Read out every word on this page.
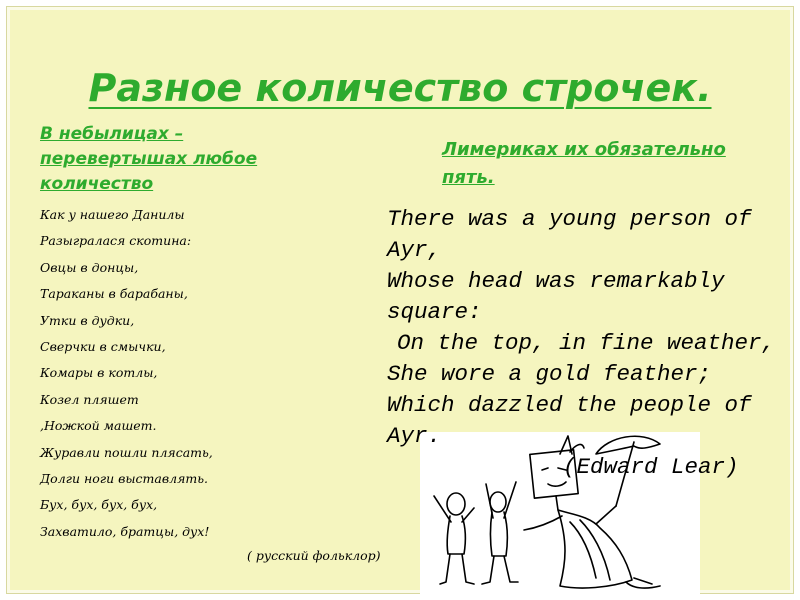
Разное количество строчек.
В небылицах – перевертышах любое количество
Лимериках их обязательно пять.
Как у нашего Данилы
Разыгралася скотина:
Овцы в донцы,
Тараканы в барабаны,
Утки в дудки,
Сверчки в смычки,
Комары в котлы,
Козел пляшет
,Ножкой машет.
Журавли пошли плясать,
Долги ноги выставлять.
Бух, бух, бух, бух,
Захватило, братцы, дух!
( русский фольклор)
There was a young person of
Ayr,
Whose head was remarkably
square:
On the top, in fine weather,
She wore a gold feather;
Which dazzled the people of
Ayr.
(Edward Lear)
